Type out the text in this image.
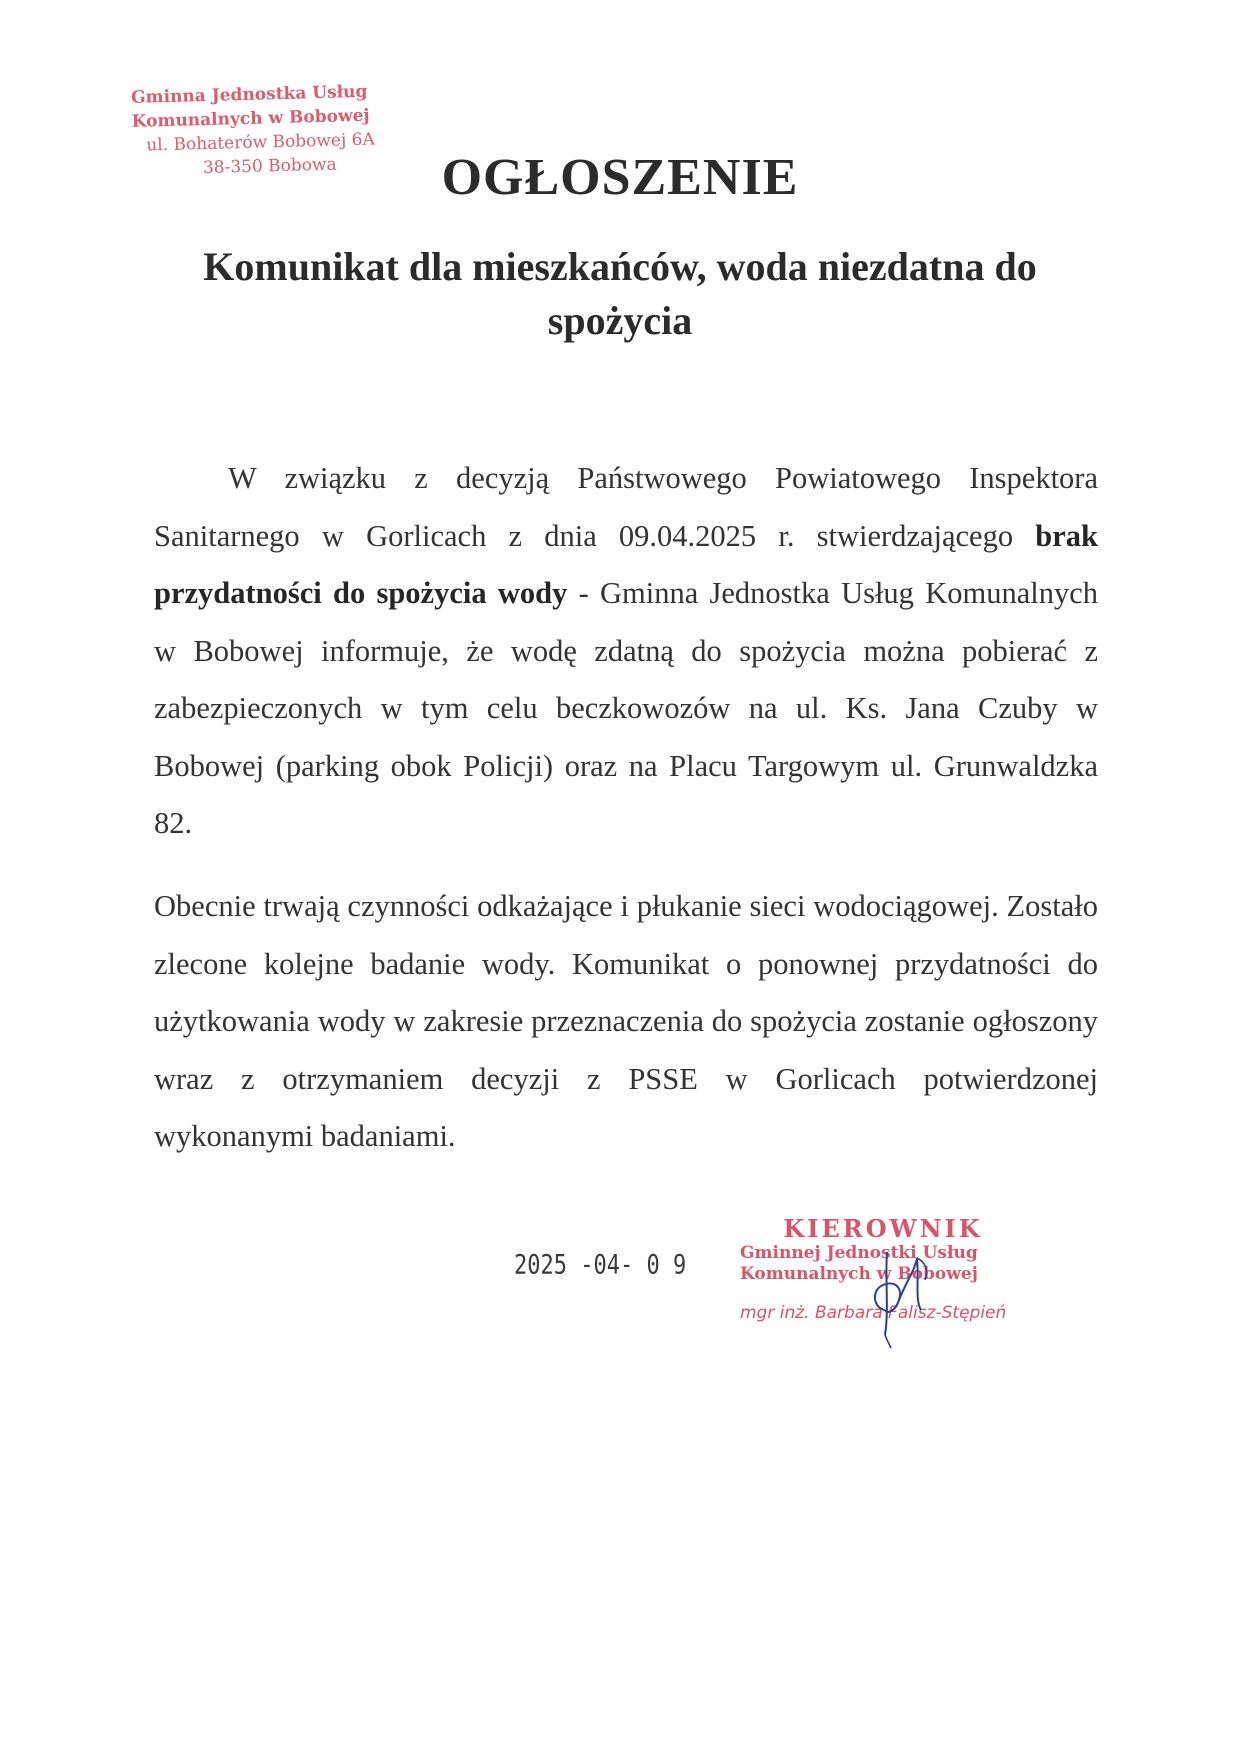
Gminna Jednostka Usług
Komunalnych w Bobowej
ul. Bohaterów Bobowej 6A
38-350 Bobowa	OGŁOSZENIE
Komunikat dla mieszkańców, woda niezdatna do spożycia

W związku z decyzją Państwowego Powiatowego Inspektora Sanitarnego w Gorlicach z dnia 09.04.2025 r. stwierdzającego brak przydatności do spożycia wody - Gminna Jednostka Usług Komunalnych w Bobowej informuje, że wodę zdatną do spożycia można pobierać z zabezpieczonych w tym celu beczkowozów na ul. Ks. Jana Czuby w Bobowej (parking obok Policji) oraz na Placu Targowym ul. Grunwaldzka 82.

Obecnie trwają czynności odkażające i płukanie sieci wodociągowej. Zostało zlecone kolejne badanie wody. Komunikat o ponownej przydatności do użytkowania wody w zakresie przeznaczenia do spożycia zostanie ogłoszony wraz z otrzymaniem decyzji z PSSE w Gorlicach potwierdzonej wykonanymi badaniami.

2025 -04- 0 9
KIEROWNIK
Gminnej Jednostki Usług
Komunalnych w Bobowej
mgr inż. Barbara Falisz-Stępień
